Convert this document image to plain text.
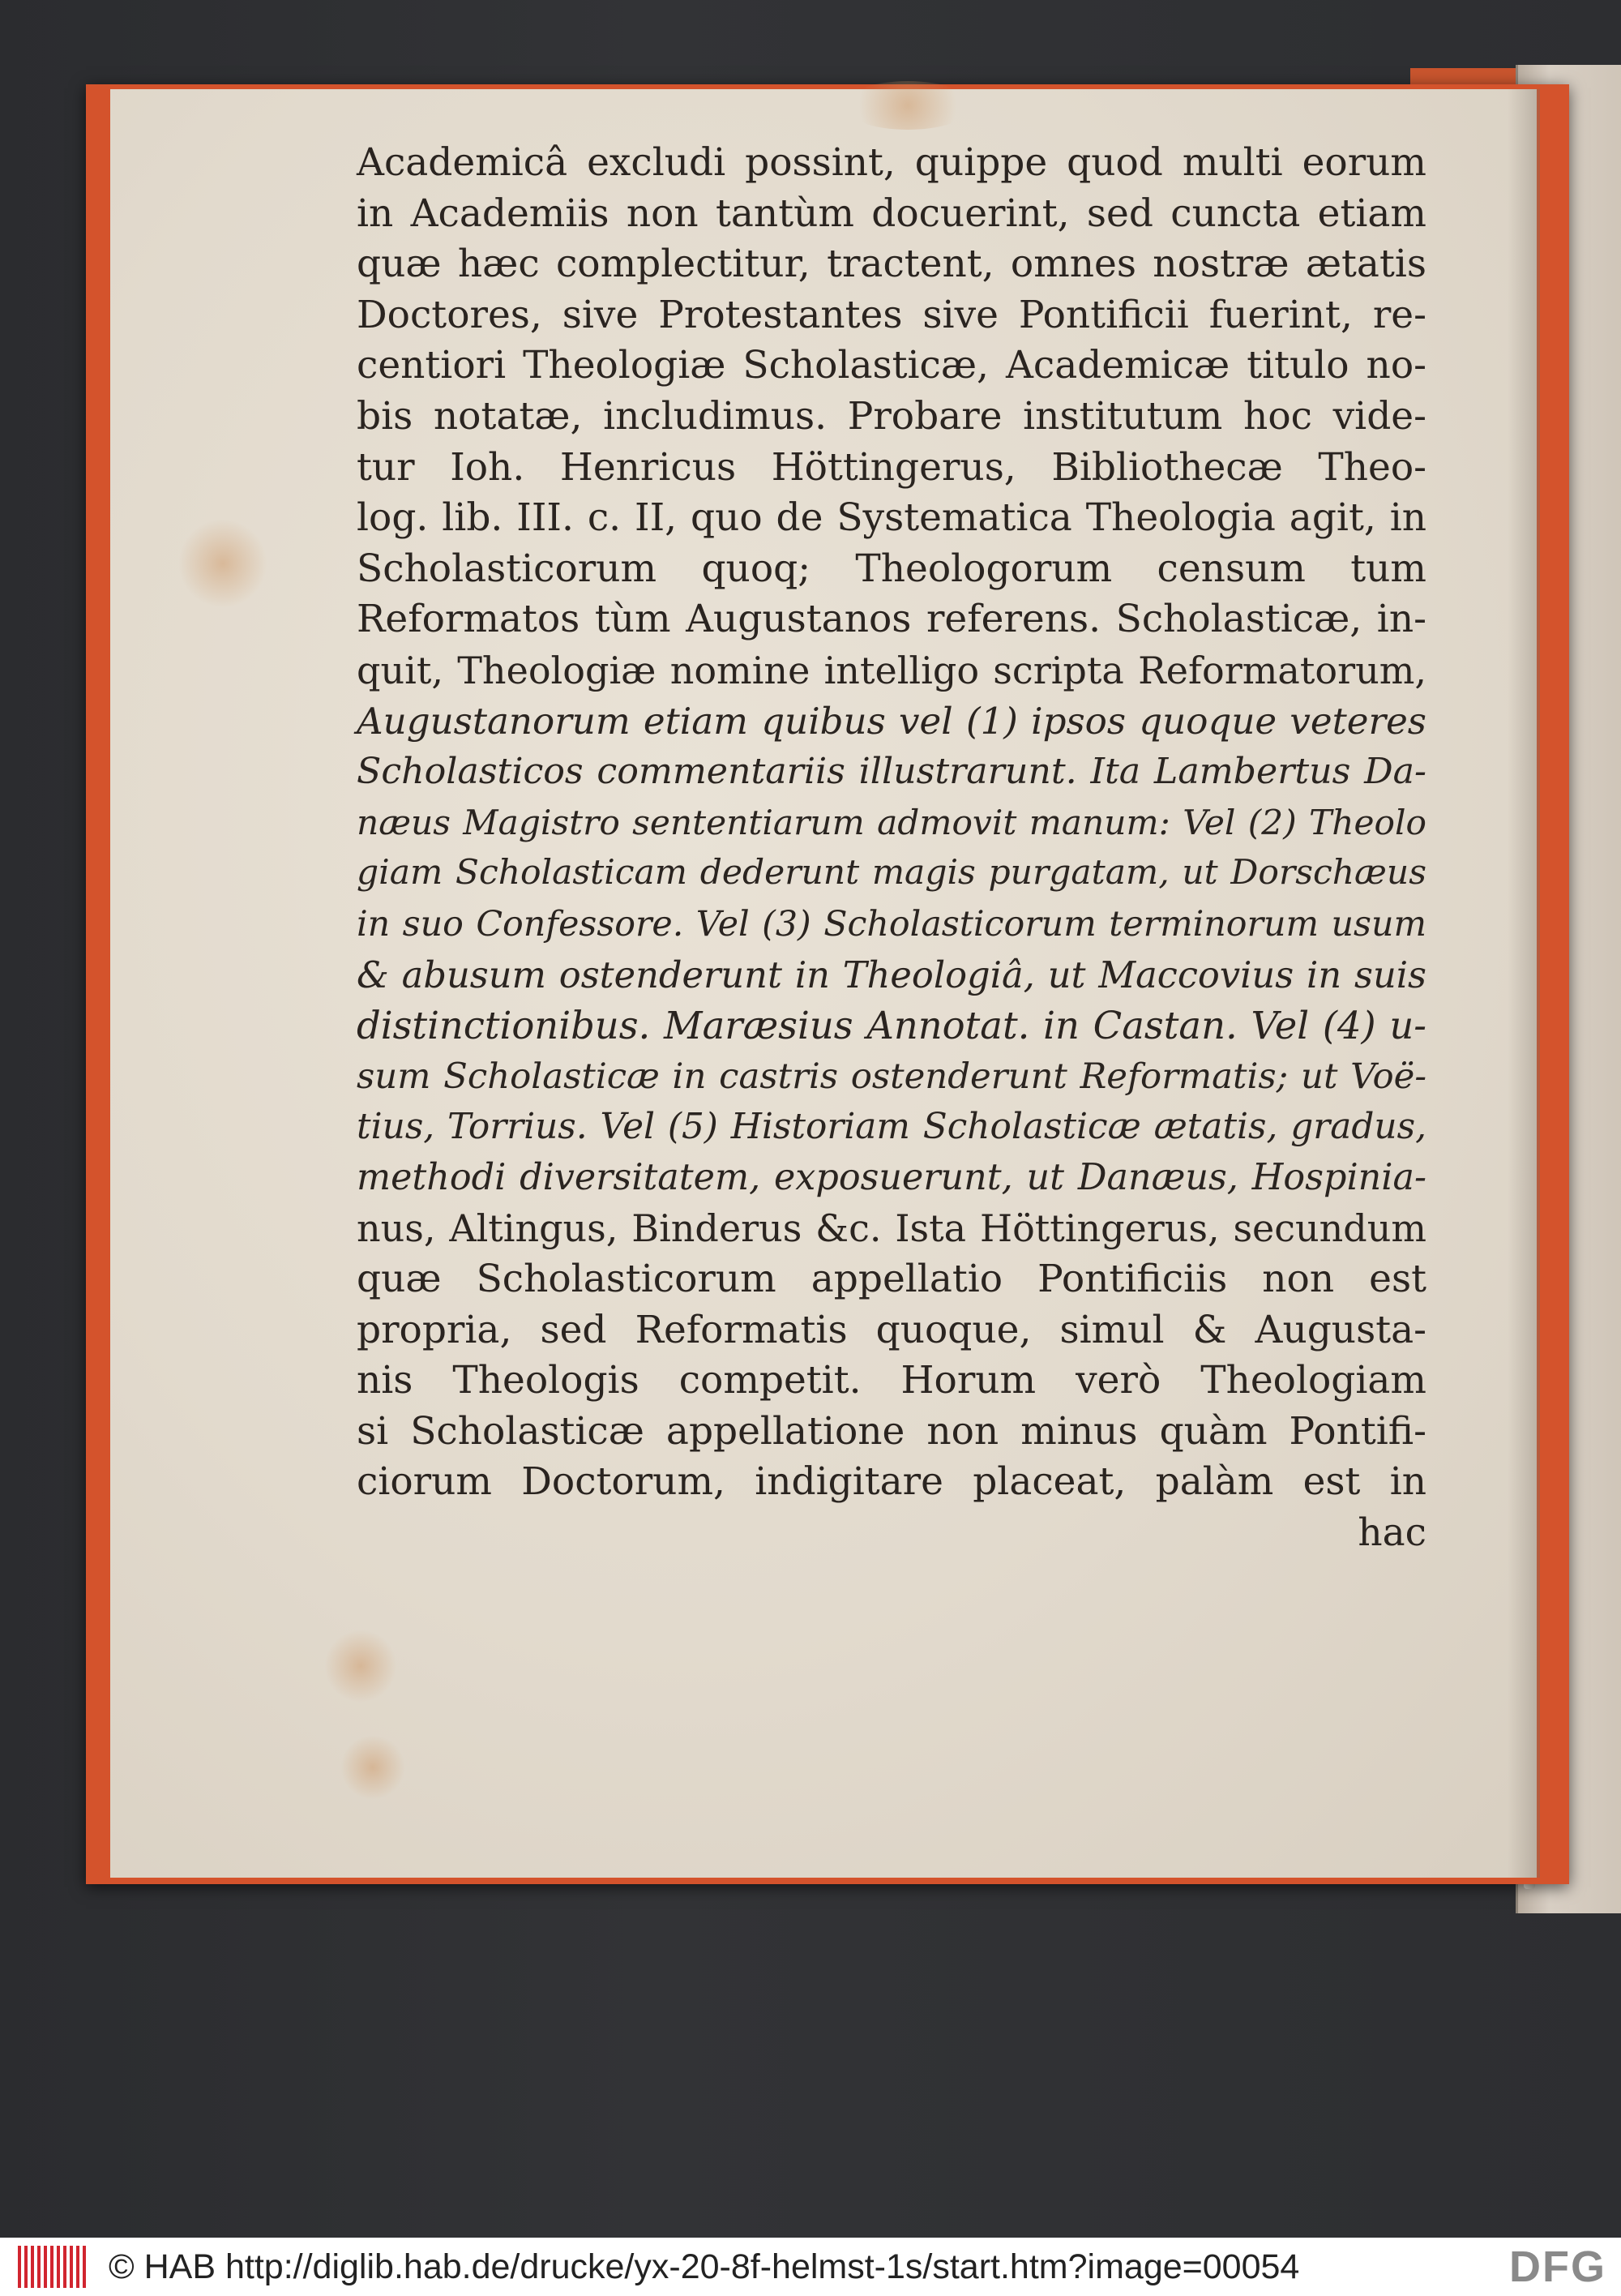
Academicâ excludi possint, quippe quod multi eorum
in Academiis non tantùm docuerint, sed cuncta etiam
quæ hæc complectitur, tractent, omnes nostræ ætatis
Doctores, sive Protestantes sive Pontificii fuerint, re-
centiori Theologiæ Scholasticæ, Academicæ titulo no-
bis notatæ, includimus. Probare institutum hoc vide-
tur Ioh. Henricus Höttingerus, Bibliothecæ Theo-
log. lib. III. c. II, quo de Systematica Theologia agit, in
Scholasticorum quoq; Theologorum censum tum
Reformatos tùm Augustanos referens. Scholasticæ, in-
quit, Theologiæ nomine intelligo scripta Reformatorum,
Augustanorum etiam quibus vel (1) ipsos quoque veteres
Scholasticos commentariis illustrarunt. Ita Lambertus Da-
næus Magistro sententiarum admovit manum: Vel (2) Theolo
giam Scholasticam dederunt magis purgatam, ut Dorschæus
in suo Confessore. Vel (3) Scholasticorum terminorum usum
& abusum ostenderunt in Theologiâ, ut Maccovius in suis
distinctionibus. Maræsius Annotat. in Castan. Vel (4) u-
sum Scholasticæ in castris ostenderunt Reformatis; ut Voë-
tius, Torrius. Vel (5) Historiam Scholasticæ ætatis, gradus,
methodi diversitatem, exposuerunt, ut Danæus, Hospinia-
nus, Altingus, Binderus &c. Ista Höttingerus, secundum
quæ Scholasticorum appellatio Pontificiis non est
propria, sed Reformatis quoque, simul & Augusta-
nis Theologis competit. Horum verò Theologiam
si Scholasticæ appellatione non minus quàm Pontifi-
ciorum Doctorum, indigitare placeat, palàm est in
hac
© HAB http://diglib.hab.de/drucke/yx-20-8f-helmst-1s/start.htm?image=00054	DFG
